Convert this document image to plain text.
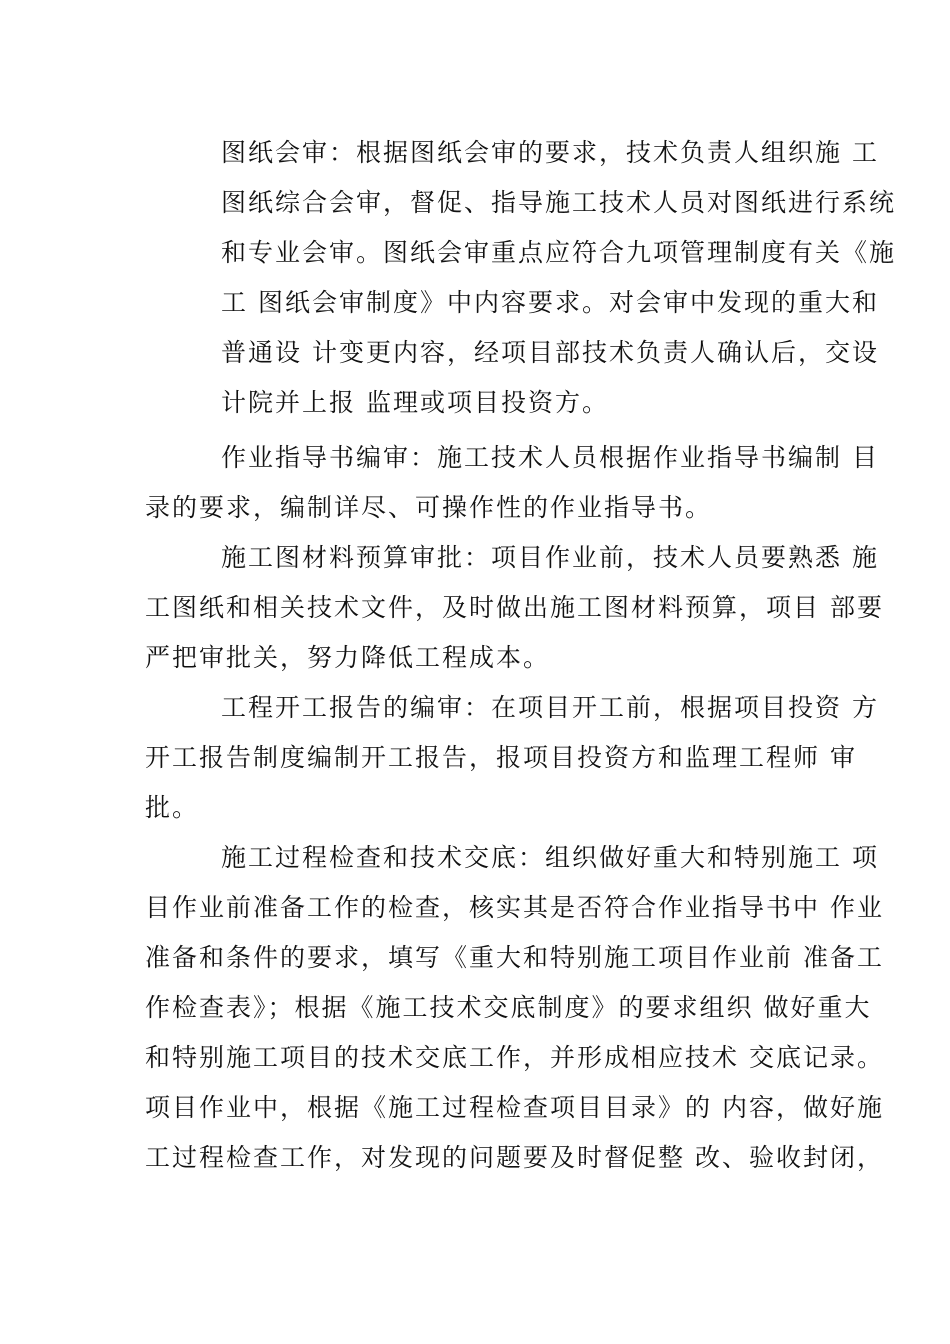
图纸会审：根据图纸会审的要求，技术负责人组织施 工
图纸综合会审，督促、指导施工技术人员对图纸进行系统
和专业会审。图纸会审重点应符合九项管理制度有关《施
工 图纸会审制度》中内容要求。对会审中发现的重大和
普通设 计变更内容，经项目部技术负责人确认后，交设
计院并上报 监理或项目投资方。
作业指导书编审：施工技术人员根据作业指导书编制 目
录的要求，编制详尽、可操作性的作业指导书。
施工图材料预算审批：项目作业前，技术人员要熟悉 施
工图纸和相关技术文件，及时做出施工图材料预算，项目 部要
严把审批关，努力降低工程成本。
工程开工报告的编审：在项目开工前，根据项目投资 方
开工报告制度编制开工报告，报项目投资方和监理工程师 审
批。
施工过程检查和技术交底：组织做好重大和特别施工 项
目作业前准备工作的检查，核实其是否符合作业指导书中 作业
准备和条件的要求，填写《重大和特别施工项目作业前 准备工
作检查表》；根据《施工技术交底制度》的要求组织 做好重大
和特别施工项目的技术交底工作，并形成相应技术 交底记录。
项目作业中，根据《施工过程检查项目目录》的 内容，做好施
工过程检查工作，对发现的问题要及时督促整 改、验收封闭，
